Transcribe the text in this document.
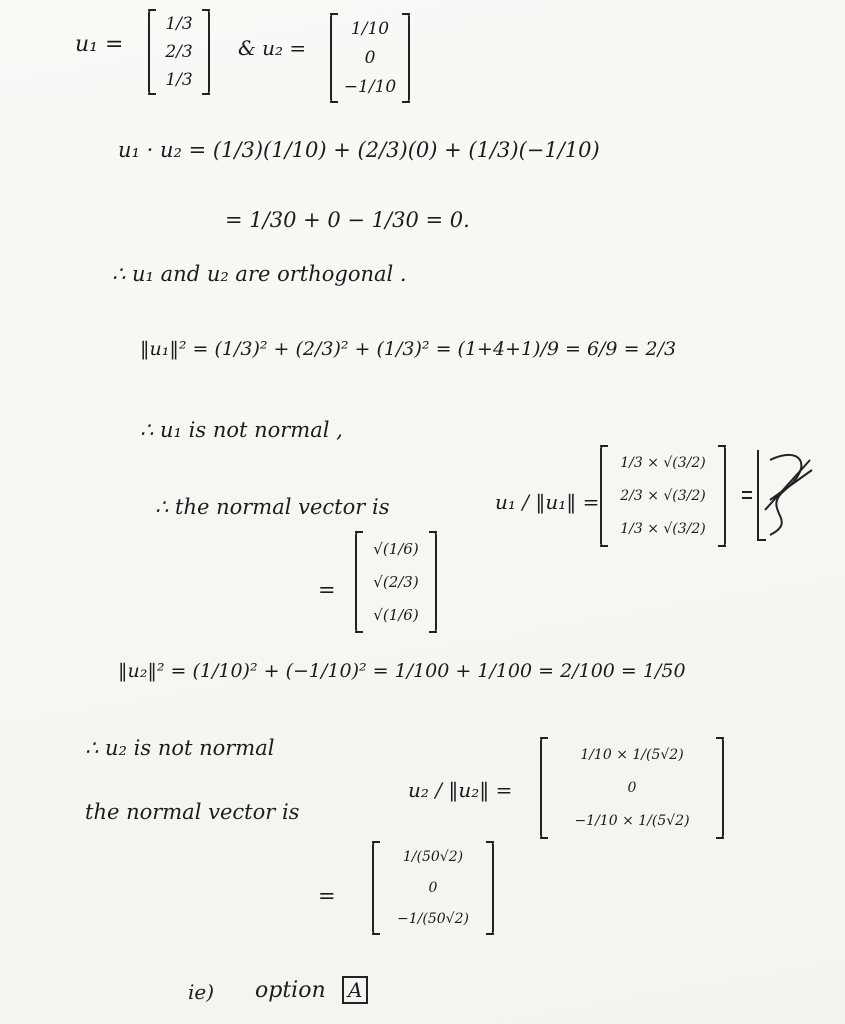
u₁ =
1/3
2/3
1/3
& u₂ =
1/10
0
−1/10
u₁ · u₂ = (1/3)(1/10) + (2/3)(0) + (1/3)(−1/10)
= 1/30 + 0 − 1/30 = 0.
∴ u₁ and u₂ are orthogonal .
‖u₁‖² = (1/3)² + (2/3)² + (1/3)² = (1+4+1)/9 = 6/9 = 2/3
∴ u₁ is not normal ,
∴ the normal vector is	u₁ / ‖u₁‖ =
1/3 × √(3/2)
2/3 × √(3/2)
1/3 × √(3/2)
=
√(1/6)
√(2/3)
√(1/6)
‖u₂‖² = (1/10)² + (−1/10)² = 1/100 + 1/100 = 2/100 = 1/50
∴ u₂ is not normal
the normal vector is
u₂ / ‖u₂‖ =
1/10 × 1/(5√2)
0
−1/10 × 1/(5√2)
=
1/(50√2)
0
−1/(50√2)
ie) option	A
